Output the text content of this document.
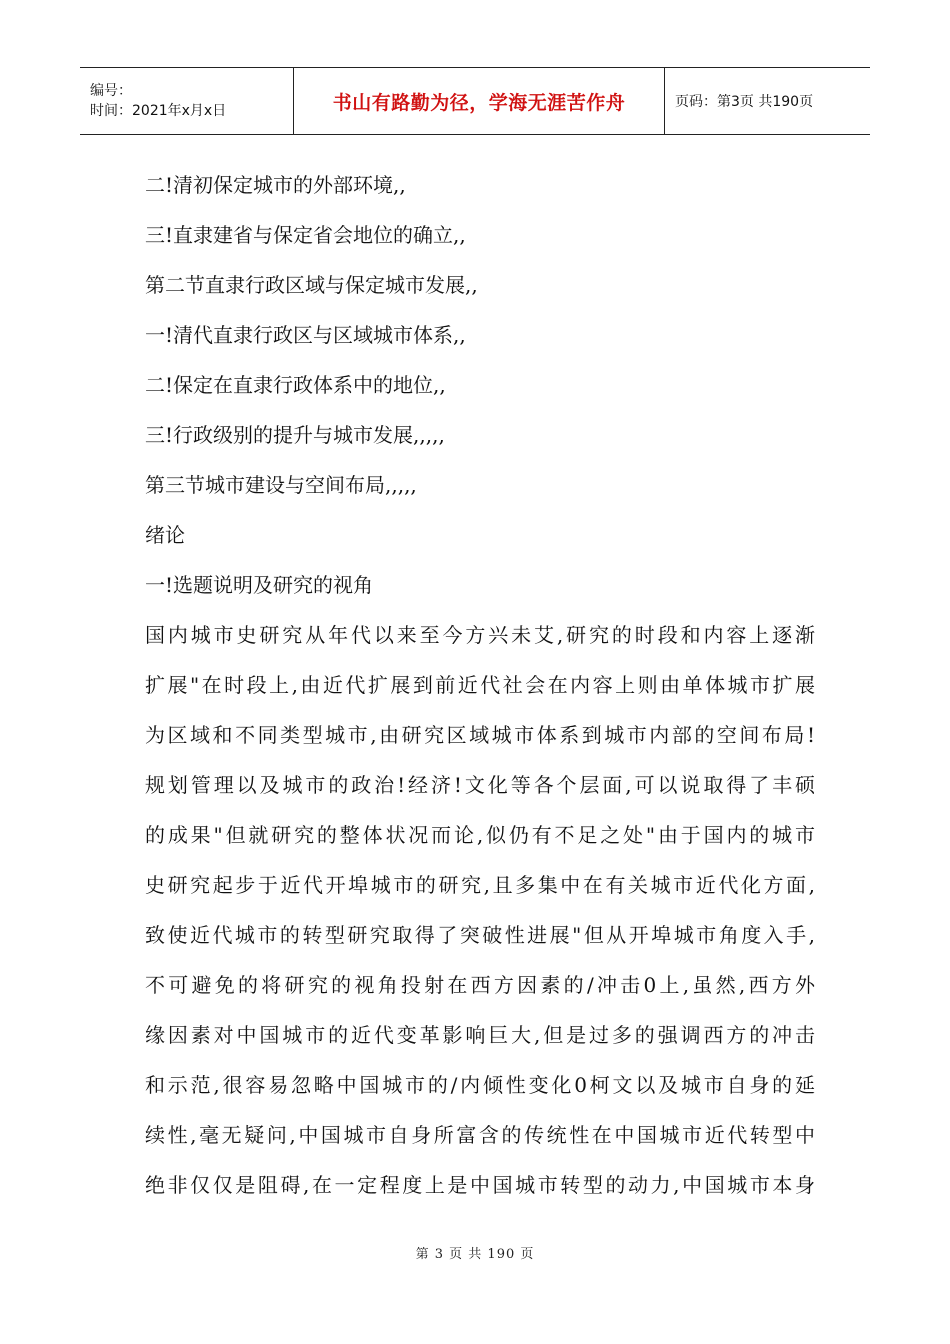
编号：
时间：2021年x月x日	书山有路勤为径，学海无涯苦作舟	页码：第3页 共190页
二!清初保定城市的外部环境,,
三!直隶建省与保定省会地位的确立,,
第二节直隶行政区域与保定城市发展,,
一!清代直隶行政区与区域城市体系,,
二!保定在直隶行政体系中的地位,,
三!行政级别的提升与城市发展,,,,,
第三节城市建设与空间布局,,,,,
绪论
一!选题说明及研究的视角
国内城市史研究从年代以来至今方兴未艾,研究的时段和内容上逐渐
扩展"在时段上,由近代扩展到前近代社会在内容上则由单体城市扩展
为区域和不同类型城市,由研究区域城市体系到城市内部的空间布局!
规划管理以及城市的政治!经济!文化等各个层面,可以说取得了丰硕
的成果"但就研究的整体状况而论,似仍有不足之处"由于国内的城市
史研究起步于近代开埠城市的研究,且多集中在有关城市近代化方面,
致使近代城市的转型研究取得了突破性进展"但从开埠城市角度入手,
不可避免的将研究的视角投射在西方因素的/冲击0上,虽然,西方外
缘因素对中国城市的近代变革影响巨大,但是过多的强调西方的冲击
和示范,很容易忽略中国城市的/内倾性变化0柯文以及城市自身的延
续性,毫无疑问,中国城市自身所富含的传统性在中国城市近代转型中
绝非仅仅是阻碍,在一定程度上是中国城市转型的动力,中国城市本身
第 3 页 共 190 页
